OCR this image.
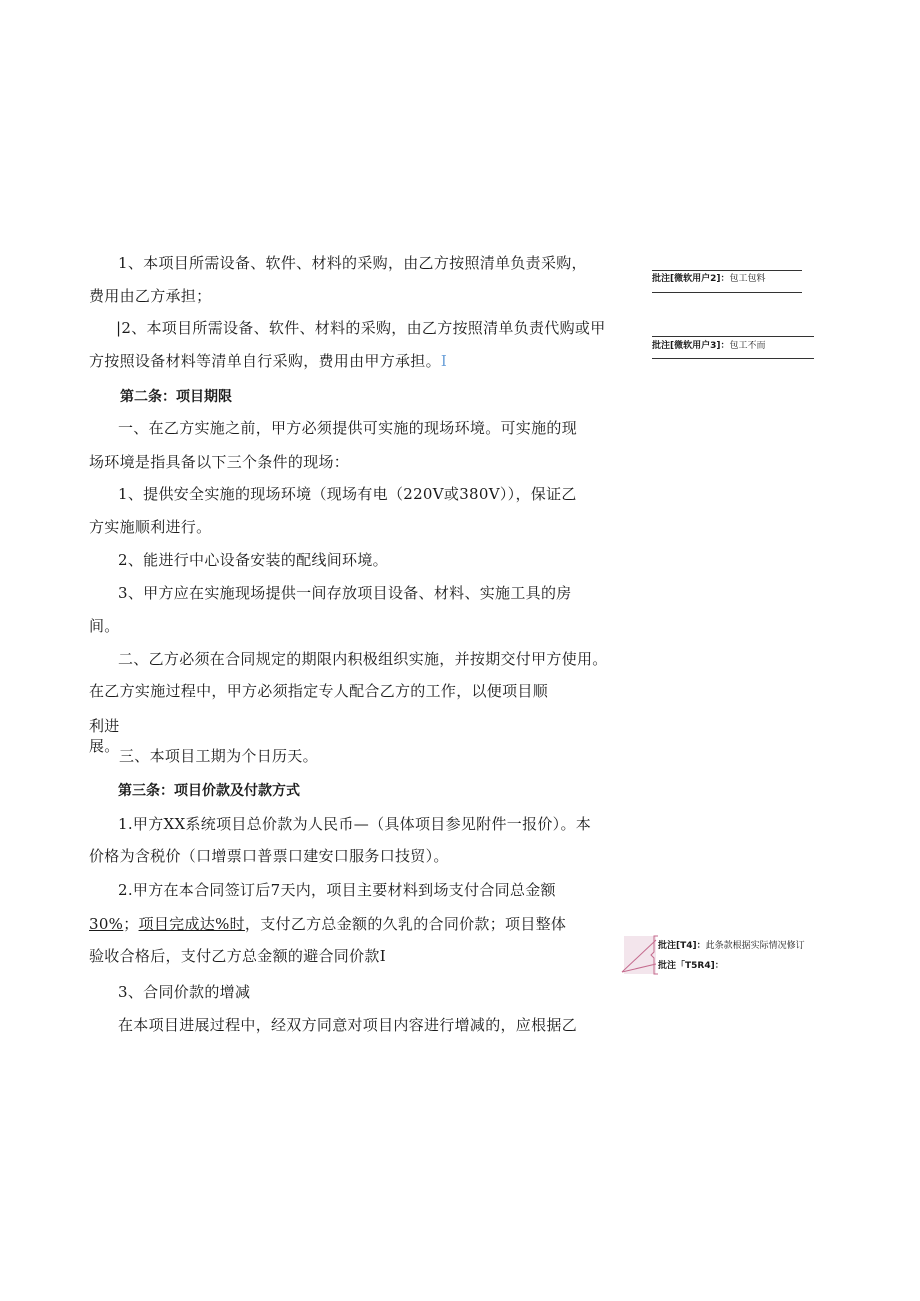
1、本项目所需设备、软件、材料的采购，由乙方按照清单负责采购，
费用由乙方承担；
|2、本项目所需设备、软件、材料的采购，由乙方按照清单负责代购或甲
方按照设备材料等清单自行采购，费用由甲方承担。I
第二条：项目期限
一、在乙方实施之前，甲方必须提供可实施的现场环境。可实施的现
场环境是指具备以下三个条件的现场：
1、提供安全实施的现场环境（现场有电（220V或380V）），保证乙
方实施顺利进行。
2、能进行中心设备安装的配线间环境。
3、甲方应在实施现场提供一间存放项目设备、材料、实施工具的房
间。
二、乙方必须在合同规定的期限内积极组织实施，并按期交付甲方使用。
在乙方实施过程中，甲方必须指定专人配合乙方的工作，以便项目顺
利进
展。
三、本项目工期为个日历天。
第三条：项目价款及付款方式
1.甲方XX系统项目总价款为人民币—（具体项目参见附件一报价）。本
价格为含税价（口增票口普票口建安口服务口技贸）。
2.甲方在本合同签订后7天内，项目主要材料到场支付合同总金额
30%；项目完成达%时，支付乙方总金额的久乳的合同价款；项目整体
验收合格后，支付乙方总金额的避合同价款I
3、合同价款的增减
在本项目进展过程中，经双方同意对项目内容进行增减的，应根据乙
批注[微软用户2]：包工包料
批注[微软用户3]：包工不而
批注[T4]：此条款根据实际情况修订
批注「T5R4]：
